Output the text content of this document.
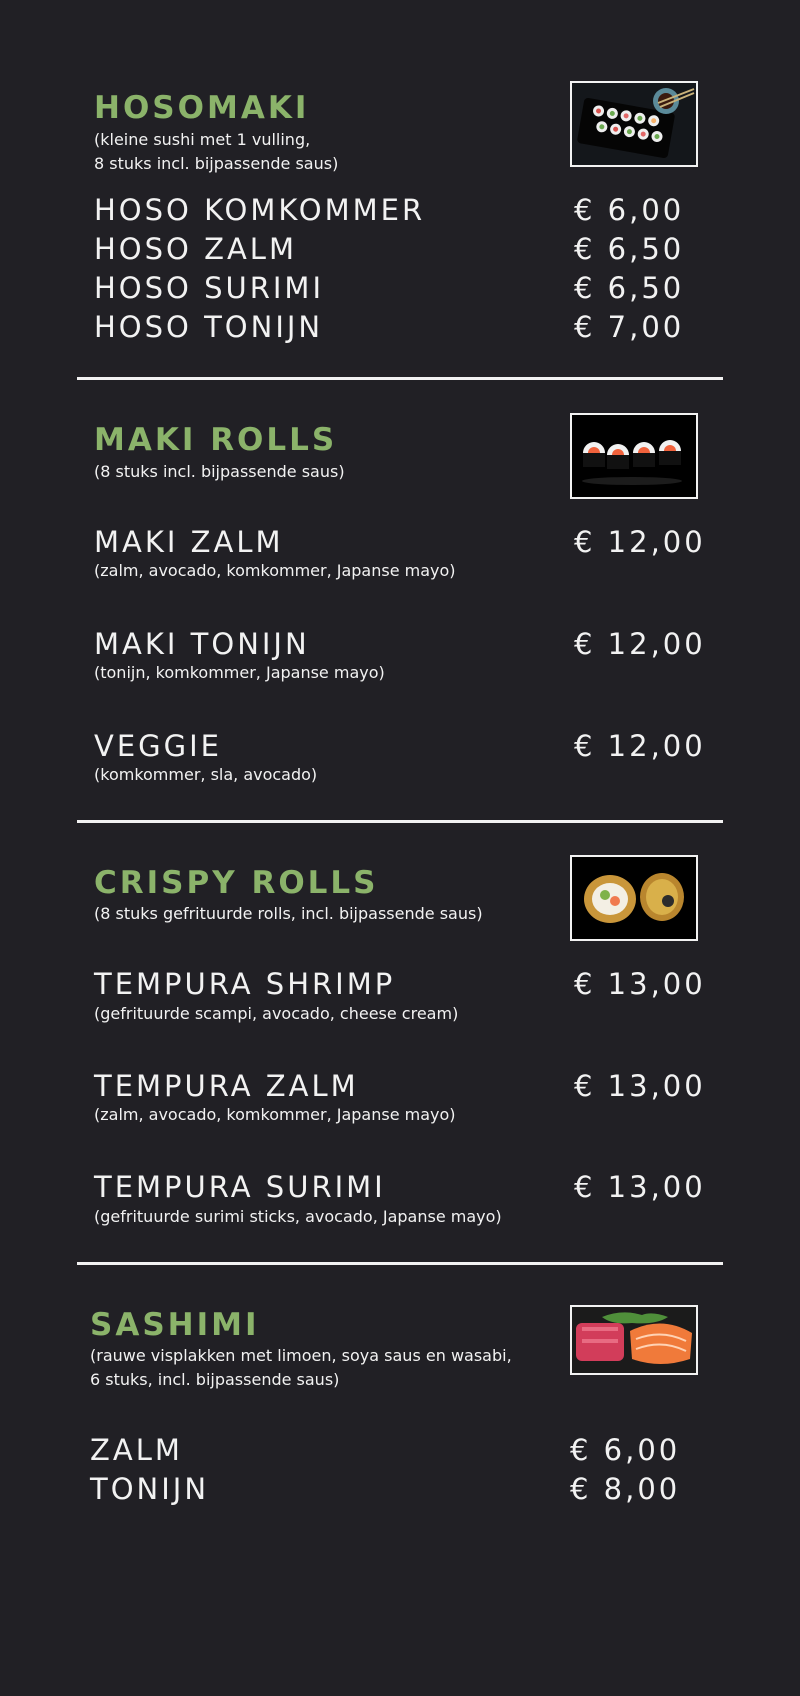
HOSOMAKI
(kleine sushi met 1 vulling,
8 stuks incl. bijpassende saus)
HOSO KOMKOMMER	€ 6,00
HOSO ZALM	€ 6,50
HOSO SURIMI	€ 6,50
HOSO TONIJN	€ 7,00
MAKI ROLLS
(8 stuks incl. bijpassende saus)
MAKI ZALM	€ 12,00
(zalm, avocado, komkommer, Japanse mayo)
MAKI TONIJN	€ 12,00
(tonijn, komkommer, Japanse mayo)
VEGGIE	€ 12,00
(komkommer, sla, avocado)
CRISPY ROLLS
(8 stuks gefrituurde rolls, incl. bijpassende saus)
TEMPURA SHRIMP	€ 13,00
(gefrituurde scampi, avocado, cheese cream)
TEMPURA ZALM	€ 13,00
(zalm, avocado, komkommer, Japanse mayo)
TEMPURA SURIMI	€ 13,00
(gefrituurde surimi sticks, avocado, Japanse mayo)
SASHIMI
(rauwe visplakken met limoen, soya saus en wasabi,
6 stuks, incl. bijpassende saus)
ZALM	€ 6,00
TONIJN	€ 8,00
